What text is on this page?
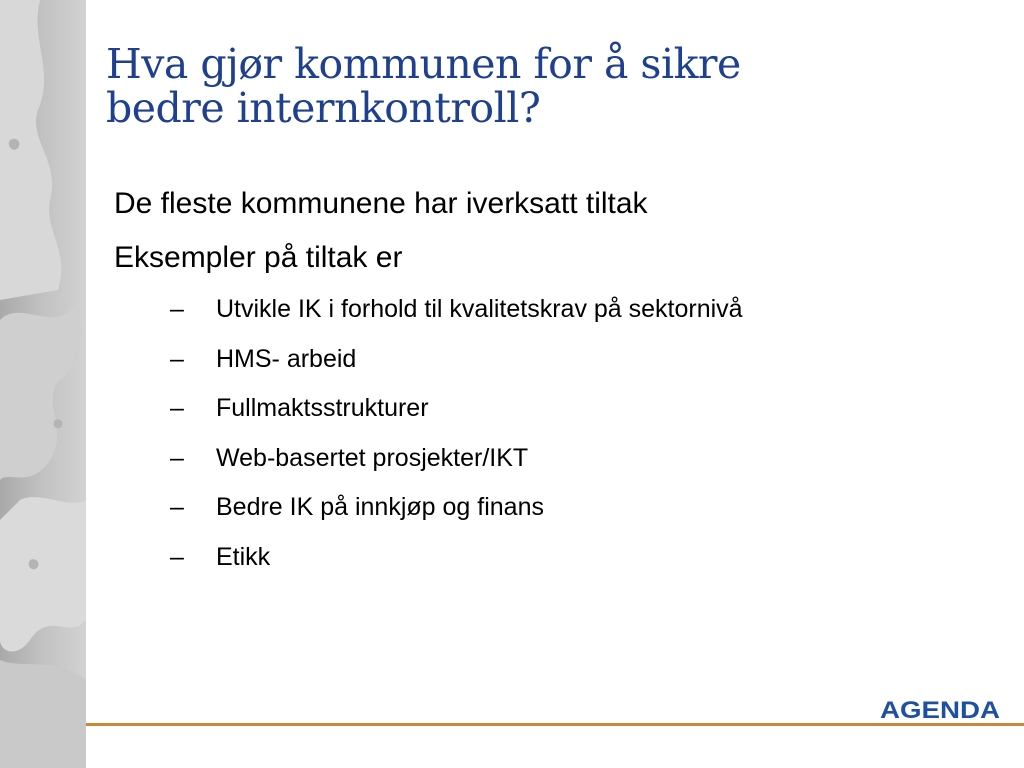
Hva gjør kommunen for å sikre
bedre internkontroll?
De fleste kommunene har iverksatt tiltak
Eksempler på tiltak er
– Utvikle IK i forhold til kvalitetskrav på sektornivå
– HMS- arbeid
– Fullmaktsstrukturer
– Web-basertet prosjekter/IKT
– Bedre IK på innkjøp og finans
– Etikk
AGENDA
